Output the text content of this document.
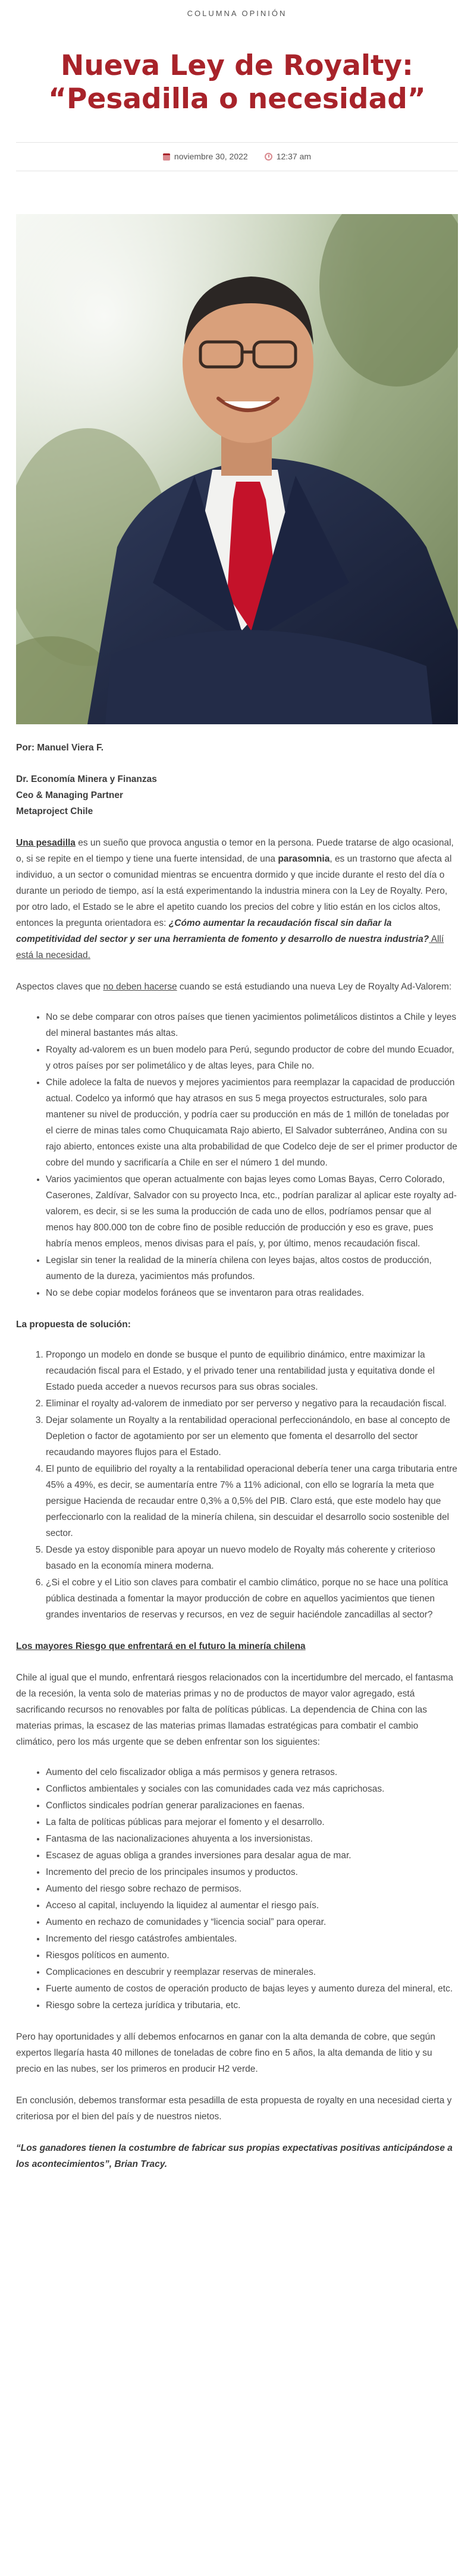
COLUMNA OPINIÓN
Nueva Ley de Royalty:
“Pesadilla o necesidad”
noviembre 30, 2022	12:37 am
Por: Manuel Viera F.
Dr. Economía Minera y Finanzas
Ceo & Managing Partner
Metaproject Chile

Una pesadilla es un sueño que provoca angustia o temor en la persona. Puede tratarse de algo ocasional, o, si se repite en el tiempo y tiene una fuerte intensidad, de una parasomnia, es un trastorno que afecta al individuo, a un sector o comunidad mientras se encuentra dormido y que incide durante el resto del día o durante un periodo de tiempo, así la está experimentando la industria minera con la Ley de Royalty. Pero, por otro lado, el Estado se le abre el apetito cuando los precios del cobre y litio están en los ciclos altos, entonces la pregunta orientadora es: ¿Cómo aumentar la recaudación fiscal sin dañar la competitividad del sector y ser una herramienta de fomento y desarrollo de nuestra industria? Allí está la necesidad.

Aspectos claves que no deben hacerse cuando se está estudiando una nueva Ley de Royalty Ad-Valorem:

• No se debe comparar con otros países que tienen yacimientos polimetálicos distintos a Chile y leyes del mineral bastantes más altas.
• Royalty ad-valorem es un buen modelo para Perú, segundo productor de cobre del mundo Ecuador, y otros países por ser polimetálico y de altas leyes, para Chile no.
• Chile adolece la falta de nuevos y mejores yacimientos para reemplazar la capacidad de producción actual. Codelco ya informó que hay atrasos en sus 5 mega proyectos estructurales, solo para mantener su nivel de producción, y podría caer su producción en más de 1 millón de toneladas por el cierre de minas tales como Chuquicamata Rajo abierto, El Salvador subterráneo, Andina con su rajo abierto, entonces existe una alta probabilidad de que Codelco deje de ser el primer productor de cobre del mundo y sacrificaría a Chile en ser el número 1 del mundo.
• Varios yacimientos que operan actualmente con bajas leyes como Lomas Bayas, Cerro Colorado, Caserones, Zaldívar, Salvador con su proyecto Inca, etc., podrían paralizar al aplicar este royalty ad-valorem, es decir, si se les suma la producción de cada uno de ellos, podríamos pensar que al menos hay 800.000 ton de cobre fino de posible reducción de producción y eso es grave, pues habría menos empleos, menos divisas para el país, y, por último, menos recaudación fiscal.
• Legislar sin tener la realidad de la minería chilena con leyes bajas, altos costos de producción, aumento de la dureza, yacimientos más profundos.
• No se debe copiar modelos foráneos que se inventaron para otras realidades.
La propuesta de solución:
1. Propongo un modelo en donde se busque el punto de equilibrio dinámico, entre maximizar la recaudación fiscal para el Estado, y el privado tener una rentabilidad justa y equitativa donde el Estado pueda acceder a nuevos recursos para sus obras sociales.
2. Eliminar el royalty ad-valorem de inmediato por ser perverso y negativo para la recaudación fiscal.
3. Dejar solamente un Royalty a la rentabilidad operacional perfeccionándolo, en base al concepto de Depletion o factor de agotamiento por ser un elemento que fomenta el desarrollo del sector recaudando mayores flujos para el Estado.
4. El punto de equilibrio del royalty a la rentabilidad operacional debería tener una carga tributaria entre 45% a 49%, es decir, se aumentaría entre 7% a 11% adicional, con ello se lograría la meta que persigue Hacienda de recaudar entre 0,3% a 0,5% del PIB. Claro está, que este modelo hay que perfeccionarlo con la realidad de la minería chilena, sin descuidar el desarrollo socio sostenible del sector.
5. Desde ya estoy disponible para apoyar un nuevo modelo de Royalty más coherente y criterioso basado en la economía minera moderna.
6. ¿Si el cobre y el Litio son claves para combatir el cambio climático, porque no se hace una política pública destinada a fomentar la mayor producción de cobre en aquellos yacimientos que tienen grandes inventarios de reservas y recursos, en vez de seguir haciéndole zancadillas al sector?
Los mayores Riesgo que enfrentará en el futuro la minería chilena

Chile al igual que el mundo, enfrentará riesgos relacionados con la incertidumbre del mercado, el fantasma de la recesión, la venta solo de materias primas y no de productos de mayor valor agregado, está sacrificando recursos no renovables por falta de políticas públicas. La dependencia de China con las materias primas, la escasez de las materias primas llamadas estratégicas para combatir el cambio climático, pero los más urgente que se deben enfrentar son los siguientes:

• Aumento del celo fiscalizador obliga a más permisos y genera retrasos.
• Conflictos ambientales y sociales con las comunidades cada vez más caprichosas.
• Conflictos sindicales podrían generar paralizaciones en faenas.
• La falta de políticas públicas para mejorar el fomento y el desarrollo.
• Fantasma de las nacionalizaciones ahuyenta a los inversionistas.
• Escasez de aguas obliga a grandes inversiones para desalar agua de mar.
• Incremento del precio de los principales insumos y productos.
• Aumento del riesgo sobre rechazo de permisos.
• Acceso al capital, incluyendo la liquidez al aumentar el riesgo país.
• Aumento en rechazo de comunidades y “licencia social” para operar.
• Incremento del riesgo catástrofes ambientales.
• Riesgos políticos en aumento.
• Complicaciones en descubrir y reemplazar reservas de minerales.
• Fuerte aumento de costos de operación producto de bajas leyes y aumento dureza del mineral, etc.
• Riesgo sobre la certeza jurídica y tributaria, etc.

Pero hay oportunidades y allí debemos enfocarnos en ganar con la alta demanda de cobre, que según expertos llegaría hasta 40 millones de toneladas de cobre fino en 5 años, la alta demanda de litio y su precio en las nubes, ser los primeros en producir H2 verde.

En conclusión, debemos transformar esta pesadilla de esta propuesta de royalty en una necesidad cierta y criteriosa por el bien del país y de nuestros nietos.

“Los ganadores tienen la costumbre de fabricar sus propias expectativas positivas anticipándose a los acontecimientos”, Brian Tracy.
